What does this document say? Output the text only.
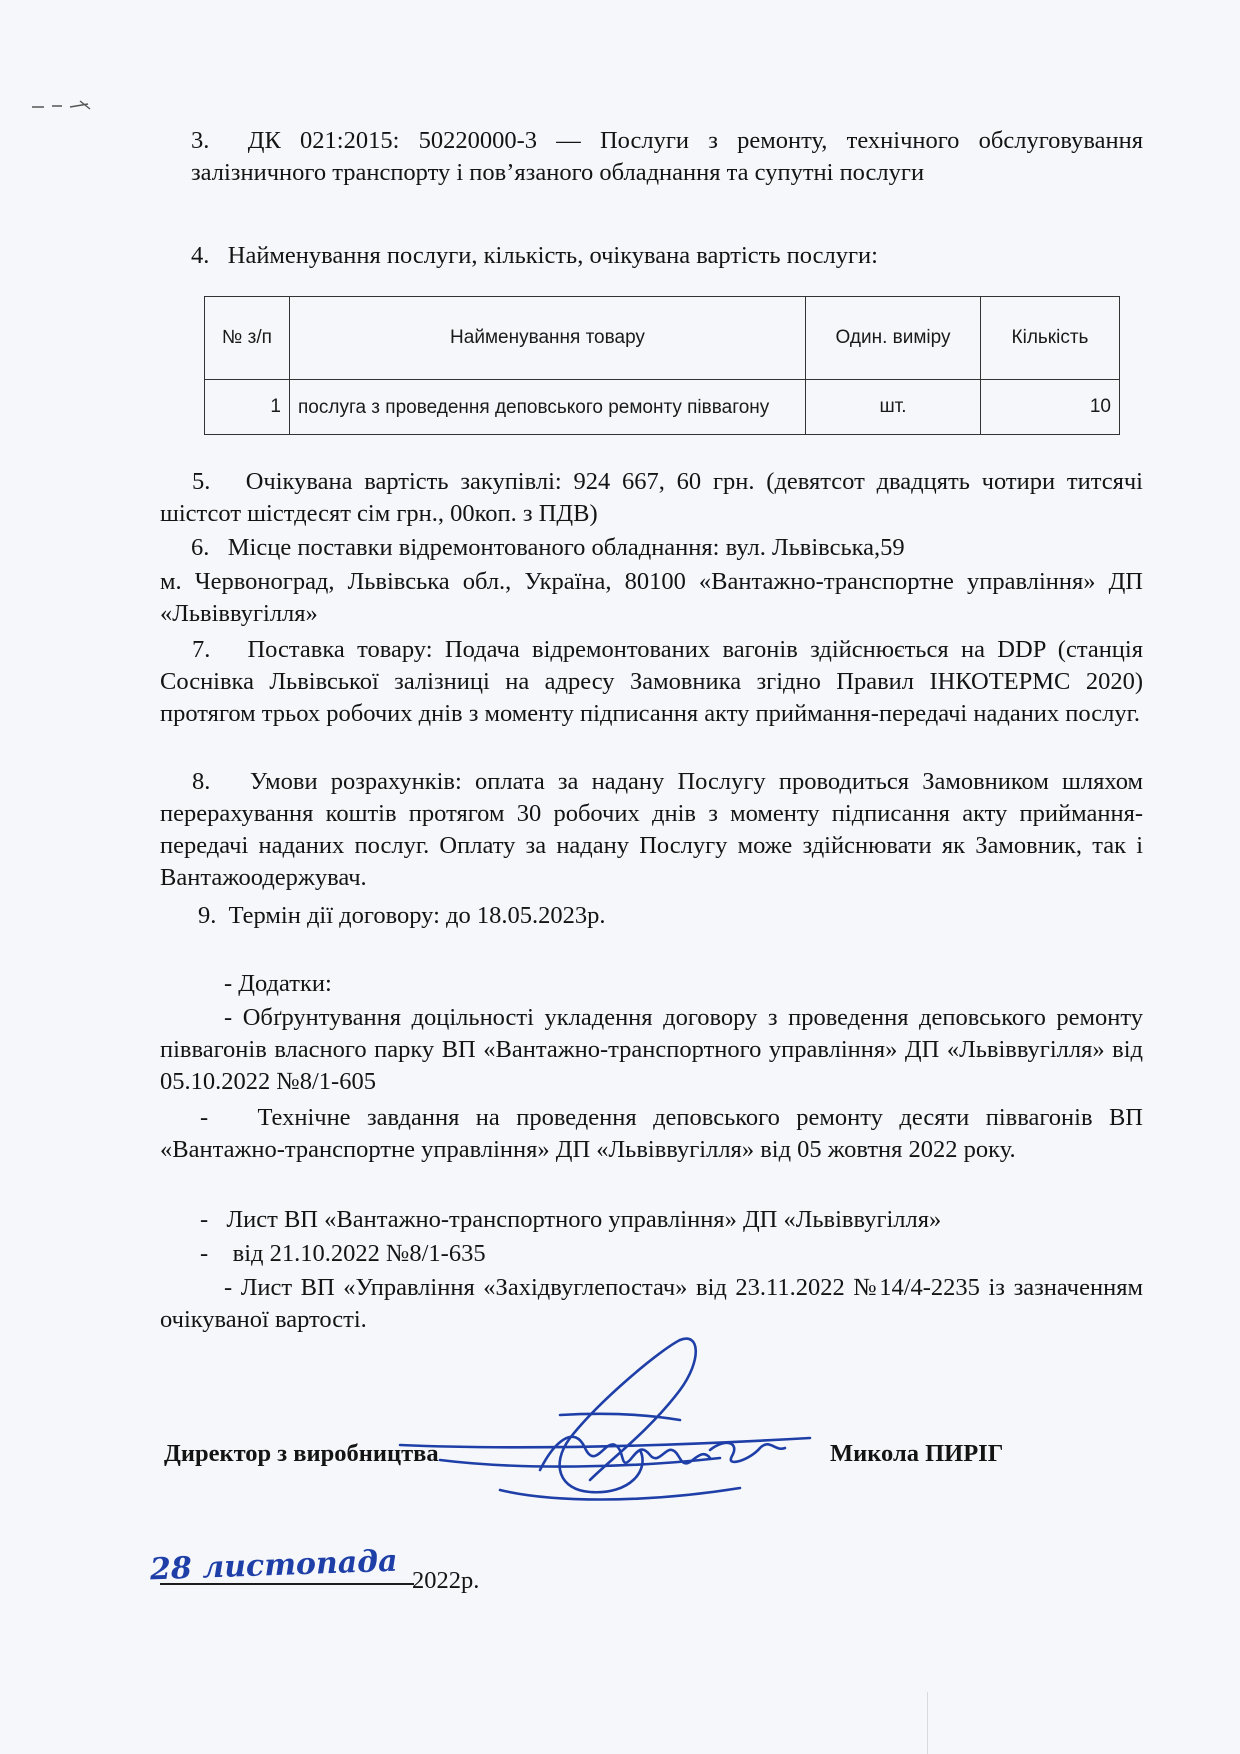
3.  ДК 021:2015: 50220000-3 — Послуги з ремонту, технічного обслуговування залізничного транспорту і пов’язаного обладнання та супутні послуги

4.   Найменування послуги, кількість, очікувана вартість послуги:

№ з/п	Найменування товару	Один. виміру	Кількість
1	послуга з проведення деповського ремонту піввагону	шт.	10

5.   Очікувана вартість закупівлі: 924 667, 60 грн. (девятсот двадцять чотири титсячі шістсот шістдесят сім грн., 00коп. з ПДВ)

6.   Місце поставки відремонтованого обладнання: вул. Львівська,59

м. Червоноград, Львівська обл., Україна, 80100 «Вантажно-транспортне управління» ДП «Львіввугілля»

7.   Поставка товару: Подача відремонтованих вагонів здійснюється на DDP (станція Соснівка Львівської залізниці на адресу Замовника згідно Правил ІНКОТЕРМС 2020) протягом трьох робочих днів з моменту підписання акту приймання-передачі наданих послуг.

8.   Умови розрахунків: оплата за надану Послугу проводиться Замовником шляхом перерахування коштів протягом 30 робочих днів з моменту підписання акту приймання-передачі наданих послуг. Оплату за надану Послугу може здійснювати як Замовник, так і Вантажоодержувач.

9.  Термін дії договору: до 18.05.2023р.

- Додатки:

- Обґрунтування доцільності укладення договору з проведення деповського ремонту піввагонів власного парку ВП «Вантажно-транспортного управління» ДП «Львіввугілля» від 05.10.2022 №8/1-605

-   Технічне завдання на проведення деповського ремонту десяти піввагонів ВП «Вантажно-транспортне управління» ДП «Львіввугілля» від 05 жовтня 2022 року.

-   Лист ВП «Вантажно-транспортного управління» ДП «Львіввугілля»

-    від 21.10.2022 №8/1-635

- Лист ВП «Управління «Західвуглепостач» від 23.11.2022 №14/4-2235 із зазначенням очікуваної вартості.

Директор з виробництва	Микола ПИРІГ
28 листопада 2022р.
